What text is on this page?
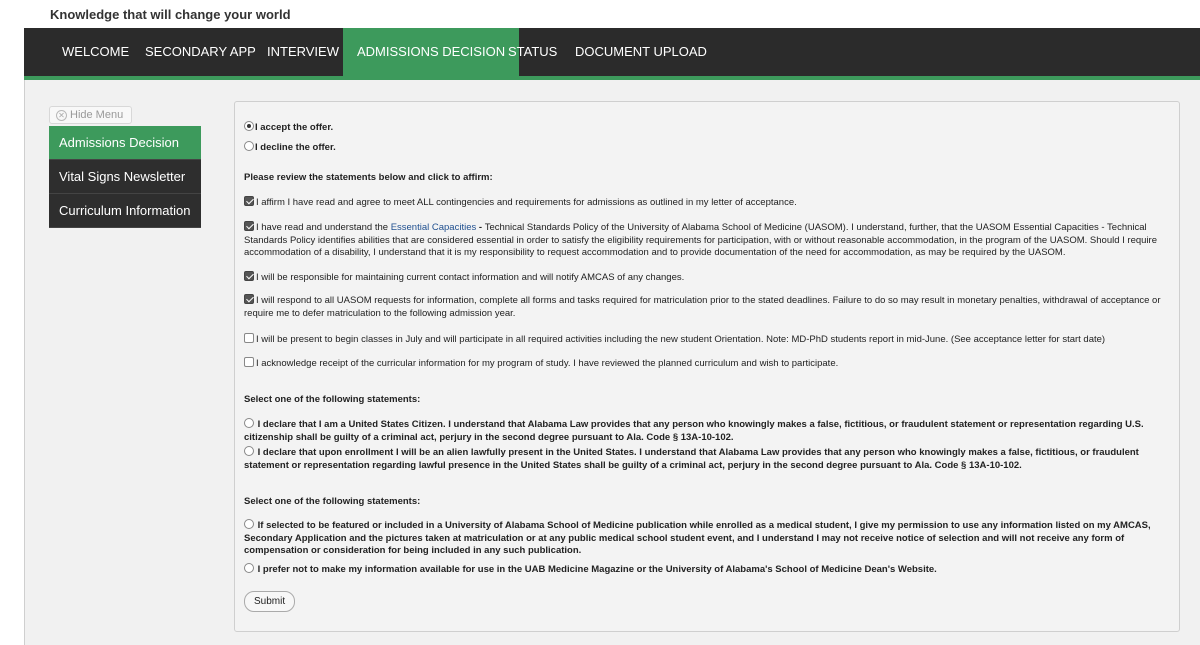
Knowledge that will change your world
WELCOME	SECONDARY APP INTERVIEW	ADMISSIONS DECISION STATUS	DOCUMENT UPLOAD
✕ Hide Menu
Admissions Decision
Vital Signs Newsletter
Curriculum Information
I accept the offer.
I decline the offer.
Please review the statements below and click to affirm:
I affirm I have read and agree to meet ALL contingencies and requirements for admissions as outlined in my letter of acceptance.
I have read and understand the Essential Capacities - Technical Standards Policy of the University of Alabama School of Medicine (UASOM). I understand, further, that the UASOM Essential Capacities - Technical Standards Policy identifies abilities that are considered essential in order to satisfy the eligibility requirements for participation, with or without reasonable accommodation, in the program of the UASOM. Should I require accommodation of a disability, I understand that it is my responsibility to request accommodation and to provide documentation of the need for accommodation, as may be required by the UASOM.
I will be responsible for maintaining current contact information and will notify AMCAS of any changes.
I will respond to all UASOM requests for information, complete all forms and tasks required for matriculation prior to the stated deadlines. Failure to do so may result in monetary penalties, withdrawal of acceptance or require me to defer matriculation to the following admission year.
I will be present to begin classes in July and will participate in all required activities including the new student Orientation. Note: MD-PhD students report in mid-June. (See acceptance letter for start date)
I acknowledge receipt of the curricular information for my program of study. I have reviewed the planned curriculum and wish to participate.
Select one of the following statements:
I declare that I am a United States Citizen. I understand that Alabama Law provides that any person who knowingly makes a false, fictitious, or fraudulent statement or representation regarding U.S. citizenship shall be guilty of a criminal act, perjury in the second degree pursuant to Ala. Code § 13A-10-102.
I declare that upon enrollment I will be an alien lawfully present in the United States. I understand that Alabama Law provides that any person who knowingly makes a false, fictitious, or fraudulent statement or representation regarding lawful presence in the United States shall be guilty of a criminal act, perjury in the second degree pursuant to Ala. Code § 13A-10-102.
Select one of the following statements:
If selected to be featured or included in a University of Alabama School of Medicine publication while enrolled as a medical student, I give my permission to use any information listed on my AMCAS, Secondary Application and the pictures taken at matriculation or at any public medical school student event, and I understand I may not receive notice of selection and will not receive any form of compensation or consideration for being included in any such publication.
I prefer not to make my information available for use in the UAB Medicine Magazine or the University of Alabama's School of Medicine Dean's Website.
Submit
